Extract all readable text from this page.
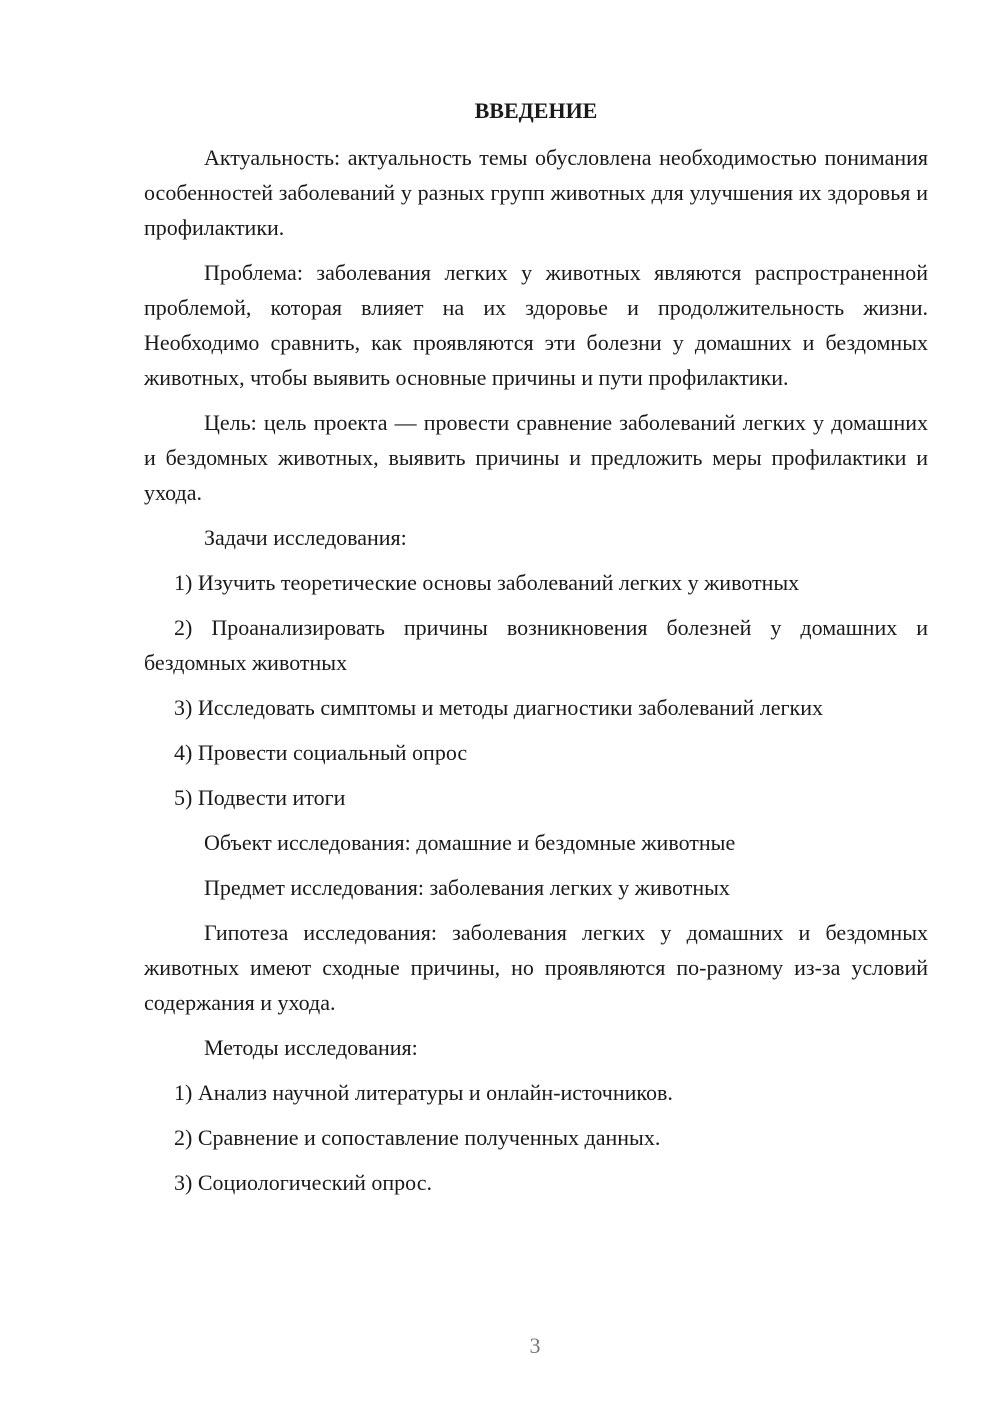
ВВЕДЕНИЕ

Актуальность: актуальность темы обусловлена необходимостью понимания особенностей заболеваний у разных групп животных для улучшения их здоровья и профилактики.

Проблема: заболевания легких у животных являются распространенной проблемой, которая влияет на их здоровье и продолжительность жизни. Необходимо сравнить, как проявляются эти болезни у домашних и бездомных животных, чтобы выявить основные причины и пути профилактики.

Цель: цель проекта — провести сравнение заболеваний легких у домашних и бездомных животных, выявить причины и предложить меры профилактики и ухода.

Задачи исследования:

1) Изучить теоретические основы заболеваний легких у животных

2) Проанализировать причины возникновения болезней у домашних и бездомных животных

3) Исследовать симптомы и методы диагностики заболеваний легких

4) Провести социальный опрос

5) Подвести итоги

Объект исследования: домашние и бездомные животные

Предмет исследования: заболевания легких у животных

Гипотеза исследования: заболевания легких у домашних и бездомных животных имеют сходные причины, но проявляются по-разному из-за условий содержания и ухода.

Методы исследования:

1) Анализ научной литературы и онлайн-источников.

2) Сравнение и сопоставление полученных данных.

3) Социологический опрос.

3
